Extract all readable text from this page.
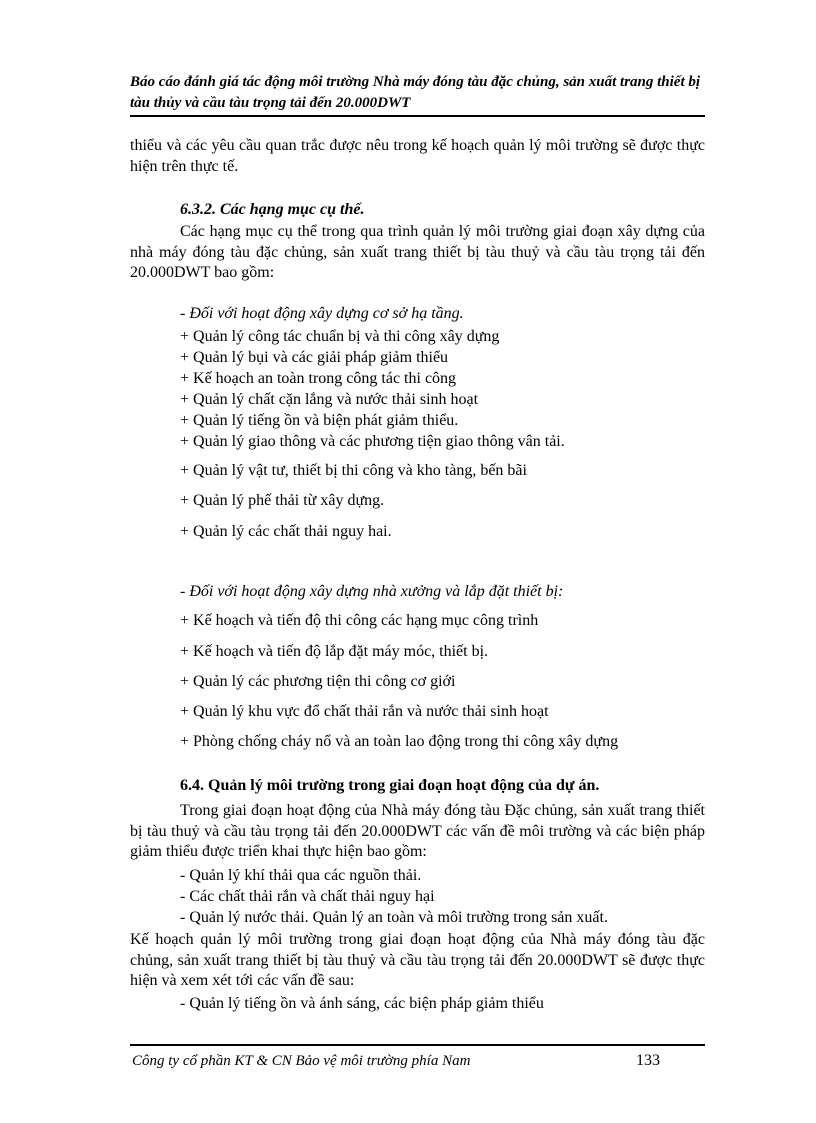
Báo cáo đánh giá tác động môi trường Nhà máy đóng tàu đặc chủng, sản xuất trang thiết bị tàu thủy và cầu tàu trọng tải đến 20.000DWT
thiểu và các yêu cầu quan trắc được nêu trong kế hoạch quản lý môi trường sẽ được thực hiện trên thực tế.
6.3.2. Các hạng mục cụ thể.
Các hạng mục cụ thể trong qua trình quản lý môi trường giai đoạn xây dựng của nhà máy đóng tàu đặc chủng, sản xuất trang thiết bị tàu thuỷ và cầu tàu trọng tải đến 20.000DWT bao gồm:
- Đối với hoạt động xây dựng cơ sở hạ tầng.
+ Quản lý công tác chuẩn bị và thi công xây dựng
+ Quản lý bụi và các giải pháp giảm thiểu
+ Kế hoạch an toàn trong công tác thi công
+ Quản lý chất cặn lắng và nước thải sinh hoạt
+ Quản lý tiếng ồn và biện phát giảm thiểu.
+ Quản lý giao thông và các phương tiện giao thông vân tải.
+ Quản lý vật tư, thiết bị thi công và kho tàng, bến bãi
+ Quản lý phế thải từ xây dựng.
+ Quản lý các chất thải nguy hai.
- Đối với hoạt động xây dựng nhà xưởng và lắp đặt thiết bị:
+ Kế hoạch và tiến độ thi công các hạng mục công trình
+ Kế hoạch và tiến độ lắp đặt máy móc, thiết bị.
+ Quản lý các phương tiện thi công cơ giới
+ Quản lý khu vực đổ chất thải rắn và nước thải sinh hoạt
+ Phòng chống cháy nổ và an toàn lao động trong thi công xây dựng
6.4. Quản lý môi trường trong giai đoạn hoạt động của dự án.
Trong giai đoạn hoạt động của Nhà máy đóng tàu Đặc chủng, sản xuất trang thiết bị tàu thuỷ và cầu tàu trọng tải đến 20.000DWT các vấn đề môi trường và các biện pháp giảm thiểu được triển khai thực hiện bao gồm:
- Quản lý khí thải qua các nguồn thải.
- Các chất thải rắn và chất thải nguy hại
- Quản lý nước thải. Quản lý an toàn và môi trường trong sản xuất.
Kế hoạch quản lý môi trường trong giai đoạn hoạt động của Nhà máy đóng tàu đặc chủng, sản xuất trang thiết bị tàu thuỷ và cầu tàu trọng tải đến 20.000DWT sẽ được thực hiện và xem xét tới các vấn đề sau:
- Quản lý tiếng ồn và ánh sáng, các biện pháp giảm thiểu
Công ty cổ phần KT & CN Bảo vệ môi trường phía Nam	133
